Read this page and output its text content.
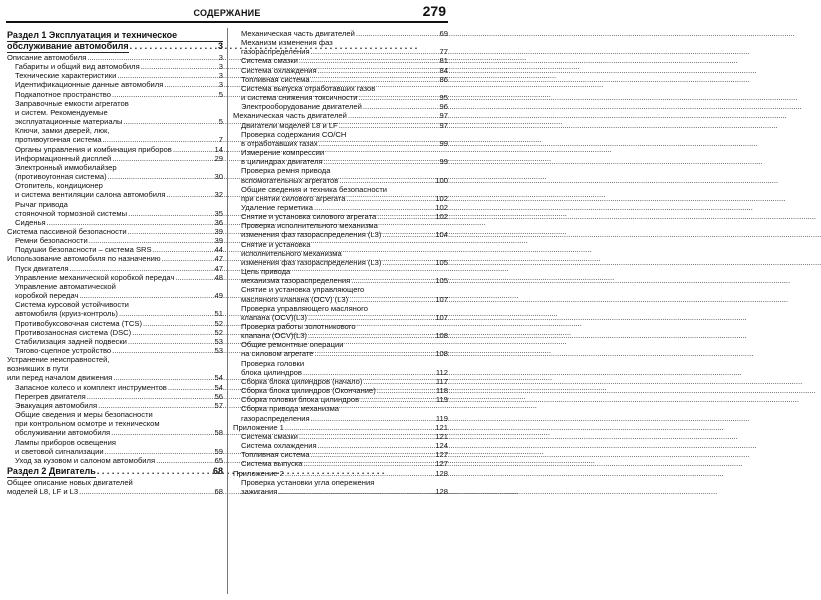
СОДЕРЖАНИЕ	279
Раздел 1 Эксплуатация и техническое
обслуживание автомобиля . . .	3
Описание автомобиля .....	3
Габариты и общий вид автомобиля .....	3
Технические характеристики .....	3
Идентификационные данные автомобиля .....	3
Подкапотное пространство .....	5
Заправочные емкости агрегатов
и систем. Рекомендуемые
эксплуатационные материалы .....	5
Ключи, замки дверей, люк,
противоугонная система .....	7
Органы управления и комбинация приборов .....	14
Информационный дисплей .....	29
Электронный иммобилайзер
(противоугонная система) .....	30
Отопитель, кондиционер
и система вентиляции салона автомобиля .....	32
Рычаг привода
стояночной тормозной системы .....	35
Сиденья .....	36
Система пассивной безопасности .....	39
Ремни безопасности .....	39
Подушки безопасности – система SRS .....	44
Использование автомобиля по назначению .....	47
Пуск двигателя .....	47
Управление механической коробкой передач .....	48
Управление автоматической
коробкой передач .....	49
Система курсовой устойчивости
автомобиля (круиз-контроль) .....	51
Противобуксовочная система (TCS) .....	52
Противозаносная система (DSC) .....	52
Стабилизация задней подвески .....	53
Тягово-сцепное устройство .....	53
Устранение неисправностей,
возникших в пути
или перед началом движения .....	54
Запасное колесо и комплект инструментов .....	54
Перегрев двигателя .....	56
Эвакуация автомобиля .....	57
Общие сведения и меры безопасности
при контрольном осмотре и техническом
обслуживании автомобиля .....	58
Лампы приборов освещения
и световой сигнализации .....	59
Уход за кузовом и салоном автомобиля .....	65
Раздел 2 Двигатель . . .	68
Общее описание новых двигателей
моделей L8, LF и L3 .....	68
Механическая часть двигателей .....	69
Механизм изменения фаз
газораспределения .....	77
Система смазки .....	81
Система охлаждения .....	84
Топливная система .....	86
Система выпуска отработавших газов
и система снижения токсичности .....	95
Электрооборудование двигателей .....	96
Механическая часть двигателей .....	97
Двигатели моделей L8 и LF .....	97
Проверка содержания CO/CH
в отработавших газах .....	99
Измерение компрессии
в цилиндрах двигателя .....	99
Проверка ремня привода
вспомогательных агрегатов .....	100
Общие сведения и техника безопасности
при снятии силового агрегата .....	102
Удаление герметика .....	102
Снятие и установка силового агрегата .....	102
Проверка исполнительного механизма
изменения фаз газораспределения (L3) .....	104
Снятие и установка
исполнительного механизма
изменения фаз газораспределения (L3) .....	105
Цепь привода
механизма газораспределения .....	105
Снятие и установка управляющего
масляного клапана (OCV) (L3) .....	107
Проверка управляющего масляного
клапана (OCV)(L3) .....	107
Проверка работы золотникового
клапана (OCV)(L3) .....	108
Общие ремонтные операции
на силовом агрегате .....	108
Проверка головки
блока цилиндров .....	112
Сборка блока цилиндров (начало) .....	117
Сборка блока цилиндров (Окончание) .....	118
Сборка головки блока цилиндров .....	119
Сборка привода механизма
газораспределения .....	119
Приложение 1 .....	121
Система смазки .....	121
Система охлаждения .....	124
Топливная система .....	127
Система выпуска .....	127
Приложение 2 .....	128
Проверка установки угла опережения
зажигания .....	128
